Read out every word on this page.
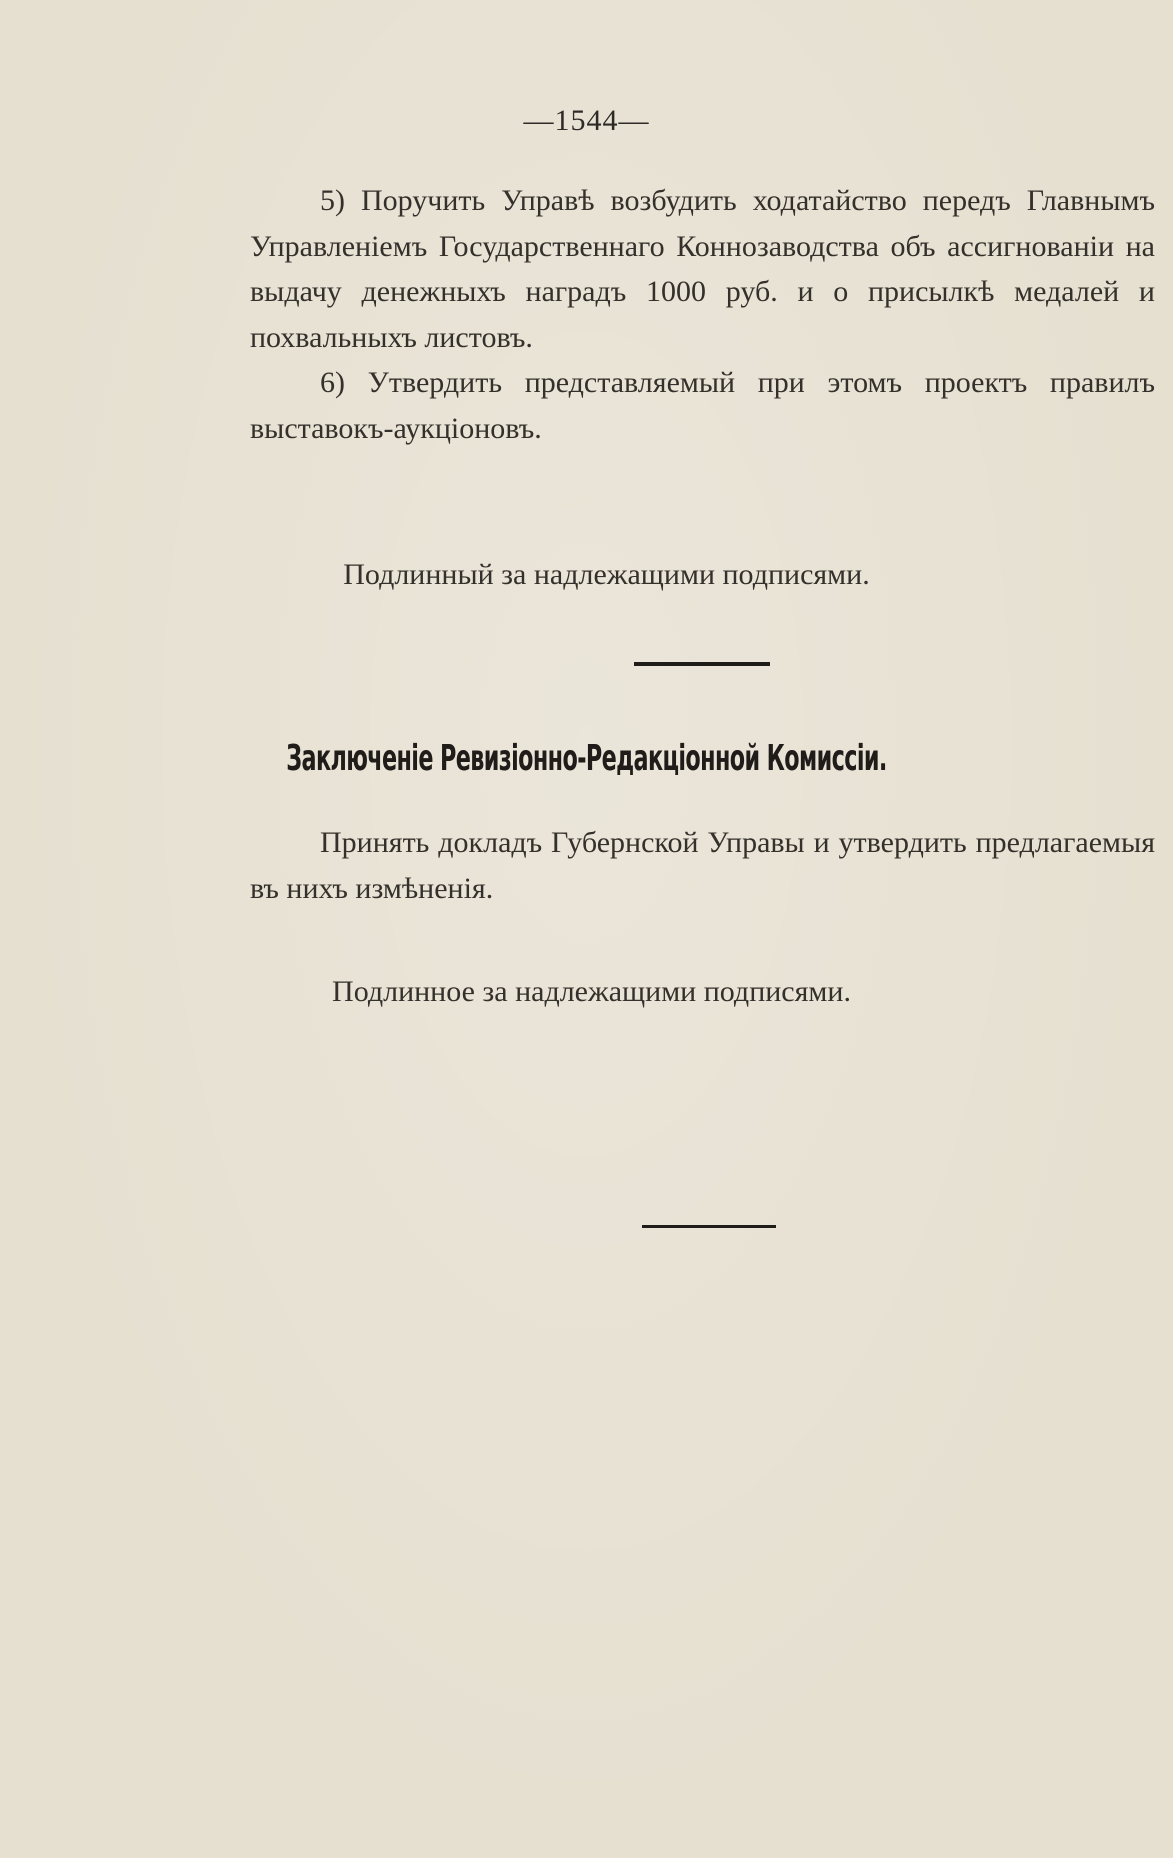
—1544—

5) Поручить Управѣ возбудить ходатайство передъ Главнымъ Управленіемъ Государственнаго Коннозаводства объ ассигнованіи на выдачу денежныхъ наградъ 1000 руб. и о присылкѣ медалей и похвальныхъ листовъ.

6) Утвердить представляемый при этомъ проектъ правилъ выставокъ-аукціоновъ.

Подлинный за надлежащими подписями.
Заключеніе Ревизіонно-Редакціонной Комиссіи.

Принять докладъ Губернской Управы и утвердить предлагаемыя въ нихъ измѣненія.

Подлинное за надлежащими подписями.
